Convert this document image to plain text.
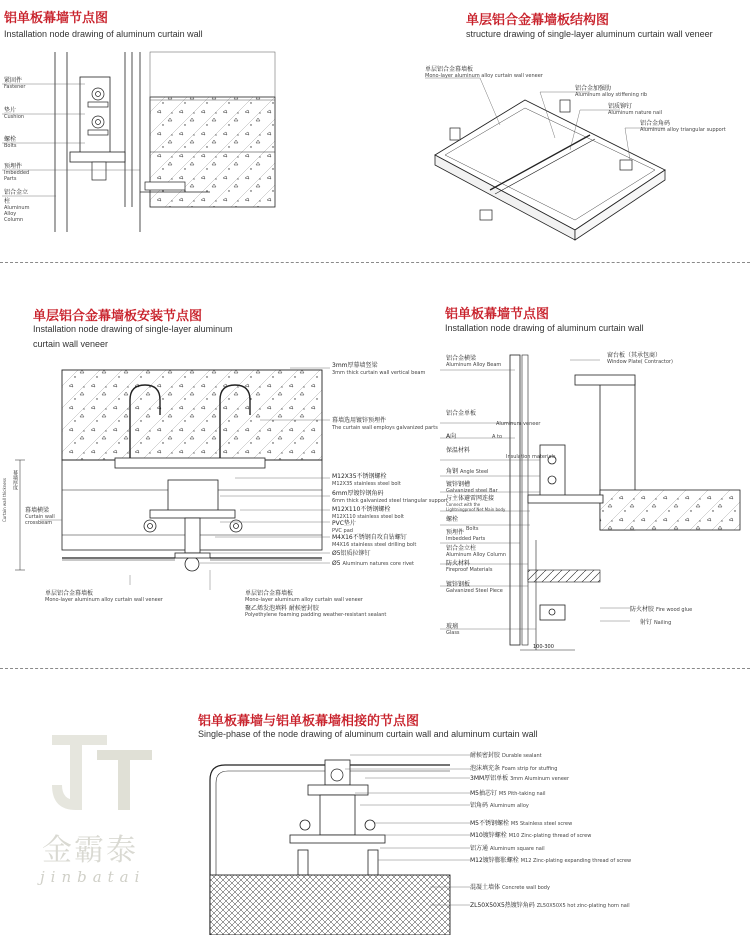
铝单板幕墙节点图
Installation node drawing of aluminum curtain wall
紧固件
Fastener
垫片
Cushion
螺栓
Bolts
预埋件
Imbedded Parts
铝合金立柱
Aluminum Alloy Column
单层铝合金幕墙板结构图
structure drawing of single-layer aluminum curtain wall veneer
单层铝合金幕墙板
Mono-layer aluminum alloy curtain wall veneer
铝合金加强肋
Aluminum alloy stiffening rib
铝质铆钉
Aluminum nature nail
铝合金角码
Aluminum alloy triangular support
单层铝合金幕墙板安装节点图
Installation node drawing of single-layer aluminum
curtain wall veneer
幕墙厚度
Curtain wall thickness	幕墙横梁
Curtain wall
crossbeam
3mm厚幕墙竖梁
3mm thick curtain wall vertical beam
幕墙选用镀锌预埋件
The curtain wall employs galvanized parts
M12X35不锈钢螺栓
M12X35 stainless steel bolt
6mm厚镀锌钢角码
6mm thick galvanized steel triangular support
M12X110不锈钢螺栓
M12X110 stainless steel bolt
PVC垫片
PVC pad
M4X16不锈钢自攻自钻螺钉
M4X16 stainless steel drilling bolt
Ø5铝质拉铆钉
Ø5 Aluminum natures core rivet
单层铝合金幕墙板
Mono-layer aluminum alloy curtain wall veneer
单层铝合金幕墙板
Mono-layer aluminum alloy curtain wall veneer
聚乙烯发泡填料 耐候密封胶
Polyethylene foaming padding weather-resistant sealant
铝单板幕墙节点图
Installation node drawing of aluminum curtain wall
铝合金横梁
Aluminum Alloy Beam
铝合金单板
Aluminum veneer
A向	A to
保温材料
Insulation materials
角钢 Angle Steel
镀锌钢槽
Galvanized steel Bar
与主体避雷网连接
Connect with the Lightningproof Net Main body
螺栓
Bolts
预埋件
Imbedded Parts
铝合金立柱
Aluminum Alloy Column
防火材料
Fireproof Materials
镀锌钢板
Galvanized Steel Piece
玻璃
Glass
窗台板（其承包商）
Window Plate( Contractor)
防火材胶 Fire wood glue
射钉 Nailing
100-300
铝单板幕墙与铝单板幕墙相接的节点图
Single-phase of the node drawing of aluminum curtain wall and aluminum curtain wall
耐候密封胶 Durable sealant
泡沫填充条 Foam strip for stuffing
3MM厚铝单板 3mm Aluminum veneer
M5抽芯钉 M5 Pith-taking nail
铝角码 Aluminum alloy
M5不锈钢螺栓 M5 Stainless steel screw
M10镀锌螺栓 M10 Zinc-plating thread of screw
铝方通 Aluminum square nail
M12镀锌膨胀螺栓 M12 Zinc-plating expanding thread of screw
混凝土墙体 Concrete wall body
ZL50X50X5热镀锌角码 ZL50X50X5 hot zinc-plating horn nail
金霸泰
jinbatai
